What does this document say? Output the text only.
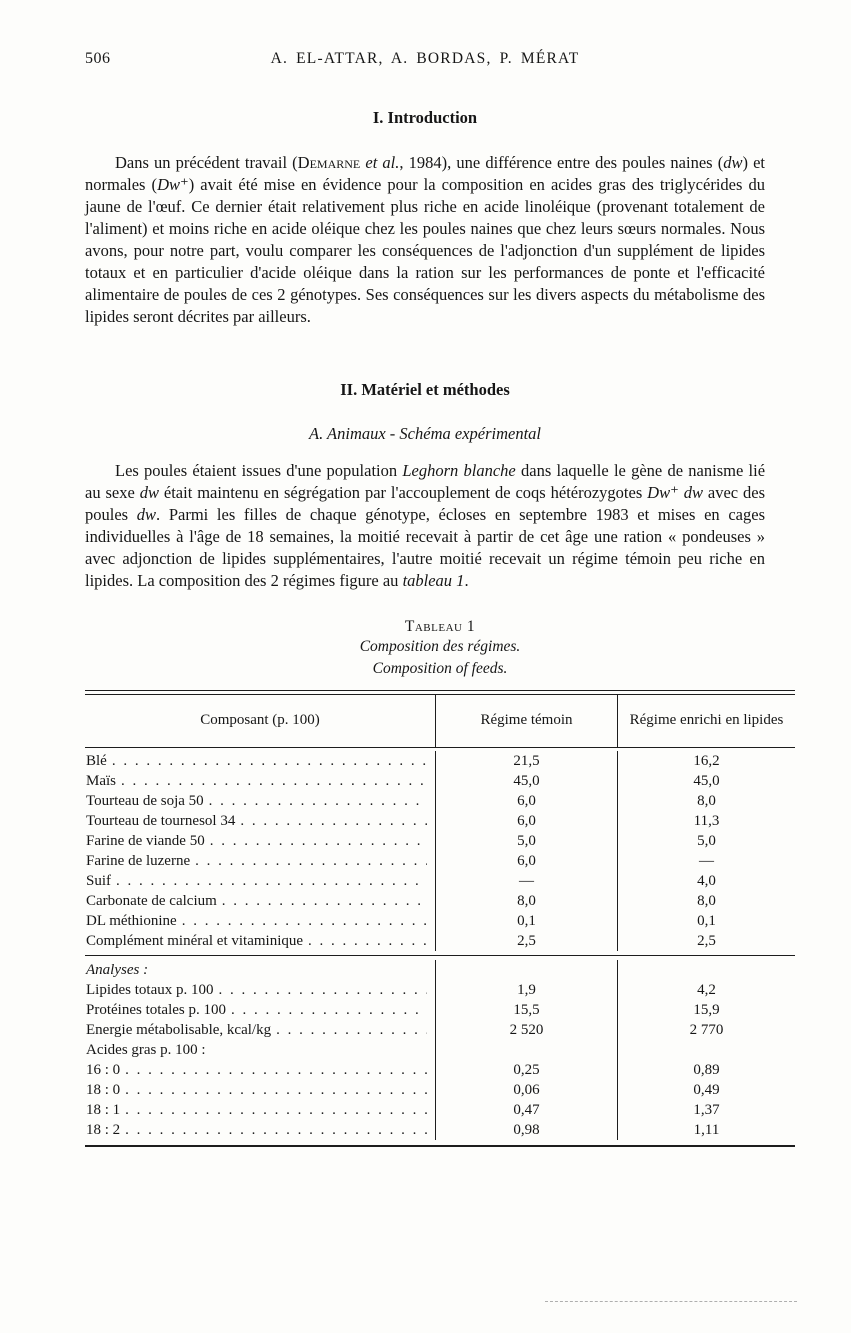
506	A. EL-ATTAR, A. BORDAS, P. MÉRAT
I. Introduction

Dans un précédent travail (Demarne et al., 1984), une différence entre des poules naines (dw) et normales (Dw⁺) avait été mise en évidence pour la composition en acides gras des triglycérides du jaune de l'œuf. Ce dernier était relativement plus riche en acide linoléique (provenant totalement de l'aliment) et moins riche en acide oléique chez les poules naines que chez leurs sœurs normales. Nous avons, pour notre part, voulu comparer les conséquences de l'adjonction d'un supplément de lipides totaux et en particulier d'acide oléique dans la ration sur les performances de ponte et l'efficacité alimentaire de poules de ces 2 génotypes. Ses conséquences sur les divers aspects du métabolisme des lipides seront décrites par ailleurs.

II. Matériel et méthodes
A. Animaux - Schéma expérimental

Les poules étaient issues d'une population Leghorn blanche dans laquelle le gène de nanisme lié au sexe dw était maintenu en ségrégation par l'accouplement de coqs hétérozygotes Dw⁺ dw avec des poules dw. Parmi les filles de chaque génotype, écloses en septembre 1983 et mises en cages individuelles à l'âge de 18 semaines, la moitié recevait à partir de cet âge une ration « pondeuses » avec adjonction de lipides supplémentaires, l'autre moitié recevait un régime témoin peu riche en lipides. La composition des 2 régimes figure au tableau 1.

Tableau 1
Composition des régimes.
Composition of feeds.
Composant (p. 100)	Régime témoin	Régime enrichi en lipides
Blé . . .	21,5	16,2
Maïs . . .	45,0	45,0
Tourteau de soja 50 . . .	6,0	8,0
Tourteau de tournesol 34 . . .	6,0	11,3
Farine de viande 50 . . .	5,0	5,0
Farine de luzerne . . .	6,0	—
Suif . . .	—	4,0
Carbonate de calcium . . .	8,0	8,0
DL méthionine . . .	0,1	0,1
Complément minéral et vitaminique . . .	2,5	2,5
Analyses :
Lipides totaux p. 100 . . .	1,9	4,2
Protéines totales p. 100 . . .	15,5	15,9
Energie métabolisable, kcal/kg . . .	2 520	2 770
Acides gras p. 100 :
16 : 0 . . .	0,25	0,89
18 : 0 . . .	0,06	0,49
18 : 1 . . .	0,47	1,37
18 : 2 . . .	0,98	1,11
